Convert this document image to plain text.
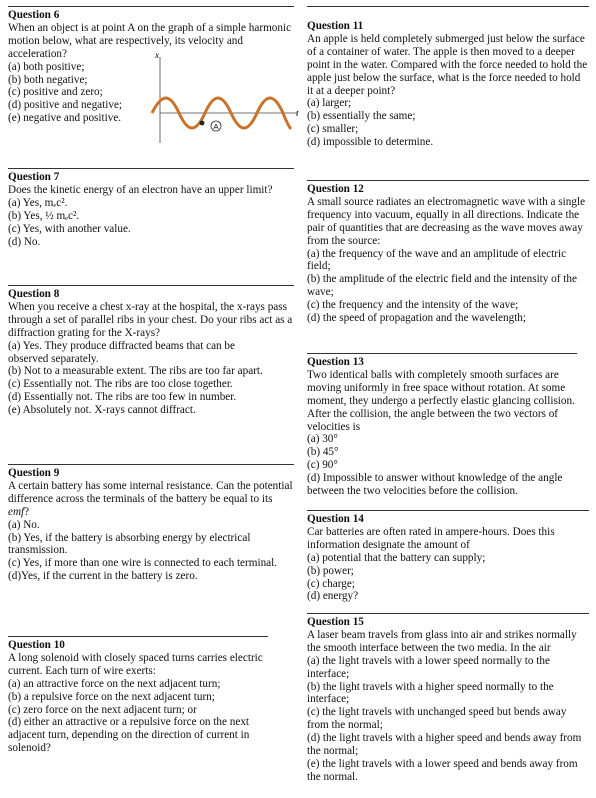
Question 6

When an object is at point A on the graph of a simple harmonic motion below, what are respectively, its velocity and acceleration?

(a) both positive;
(b) both negative;
(c) positive and zero;
(d) positive and negative;
(e) negative and positive.
x
t
A
Question 7

Does the kinetic energy of an electron have an upper limit?

(a) Yes, mₑc².
(b) Yes, ½ mₑc².
(c) Yes, with another value.
(d) No.
Question 8

When you receive a chest x-ray at the hospital, the x-rays pass through a set of parallel ribs in your chest. Do your ribs act as a diffraction grating for the X-rays?

(a) Yes. They produce diffracted beams that can be observed separately.
(b) Not to a measurable extent. The ribs are too far apart.
(c) Essentially not. The ribs are too close together.
(d) Essentially not. The ribs are too few in number.
(e) Absolutely not. X-rays cannot diffract.
Question 9

A certain battery has some internal resistance. Can the potential difference across the terminals of the battery be equal to its emf?

(a) No.
(b) Yes, if the battery is absorbing energy by electrical transmission.
(c) Yes, if more than one wire is connected to each terminal.
(d)Yes, if the current in the battery is zero.
Question 10

A long solenoid with closely spaced turns carries electric current. Each turn of wire exerts:

(a) an attractive force on the next adjacent turn;
(b) a repulsive force on the next adjacent turn;
(c) zero force on the next adjacent turn; or
(d) either an attractive or a repulsive force on the next adjacent turn, depending on the direction of current in solenoid?
Question 11

An apple is held completely submerged just below the surface of a container of water. The apple is then moved to a deeper point in the water. Compared with the force needed to hold the apple just below the surface, what is the force needed to hold it at a deeper point?

(a) larger;
(b) essentially the same;
(c) smaller;
(d) impossible to determine.
Question 12

A small source radiates an electromagnetic wave with a single frequency into vacuum, equally in all directions. Indicate the pair of quantities that are decreasing as the wave moves away from the source:

(a) the frequency of the wave and an amplitude of electric field;
(b) the amplitude of the electric field and the intensity of the wave;
(c) the frequency and the intensity of the wave;
(d) the speed of propagation and the wavelength;
Question 13

Two identical balls with completely smooth surfaces are moving uniformly in free space without rotation. At some moment, they undergo a perfectly elastic glancing collision. After the collision, the angle between the two vectors of velocities is

(a) 30°
(b) 45°
(c) 90°
(d) Impossible to answer without knowledge of the angle between the two velocities before the collision.
Question 14

Car batteries are often rated in ampere-hours. Does this information designate the amount of

(a) potential that the battery can supply;
(b) power;
(c) charge;
(d) energy?
Question 15

A laser beam travels from glass into air and strikes normally the smooth interface between the two media. In the air

(a) the light travels with a lower speed normally to the interface;
(b) the light travels with a higher speed normally to the interface;
(c) the light travels with unchanged speed but bends away from the normal;
(d) the light travels with a higher speed and bends away from the normal;
(e) the light travels with a lower speed and bends away from the normal.
